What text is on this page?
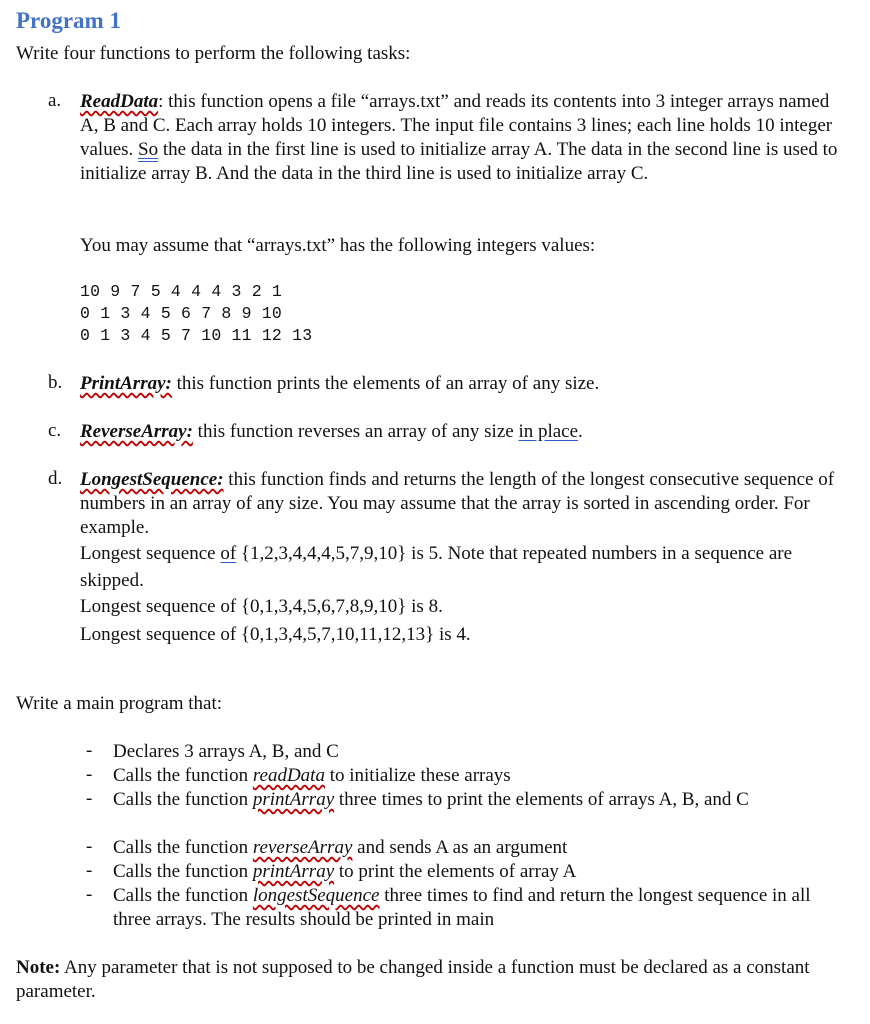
Program 1
Write four functions to perform the following tasks:
a. ReadData: this function opens a file “arrays.txt” and reads its contents into 3 integer arrays named A, B and C. Each array holds 10 integers. The input file contains 3 lines; each line holds 10 integer values. So the data in the first line is used to initialize array A. The data in the second line is used to initialize array B. And the data in the third line is used to initialize array C.
You may assume that “arrays.txt” has the following integers values:
10 9 7 5 4 4 4 3 2 1
0 1 3 4 5 6 7 8 9 10
0 1 3 4 5 7 10 11 12 13
b. PrintArray: this function prints the elements of an array of any size.
c. ReverseArray: this function reverses an array of any size in place.
d. LongestSequence: this function finds and returns the length of the longest consecutive sequence of numbers in an array of any size. You may assume that the array is sorted in ascending order. For example.
Longest sequence of {1,2,3,4,4,4,5,7,9,10} is 5. Note that repeated numbers in a sequence are skipped.
Longest sequence of {0,1,3,4,5,6,7,8,9,10} is 8.
Longest sequence of {0,1,3,4,5,7,10,11,12,13} is 4.
Write a main program that:
- Declares 3 arrays A, B, and C
- Calls the function readData to initialize these arrays
- Calls the function printArray three times to print the elements of arrays A, B, and C
- Calls the function reverseArray and sends A as an argument
- Calls the function printArray to print the elements of array A
- Calls the function longestSequence three times to find and return the longest sequence in all three arrays. The results should be printed in main
Note: Any parameter that is not supposed to be changed inside a function must be declared as a constant parameter.
